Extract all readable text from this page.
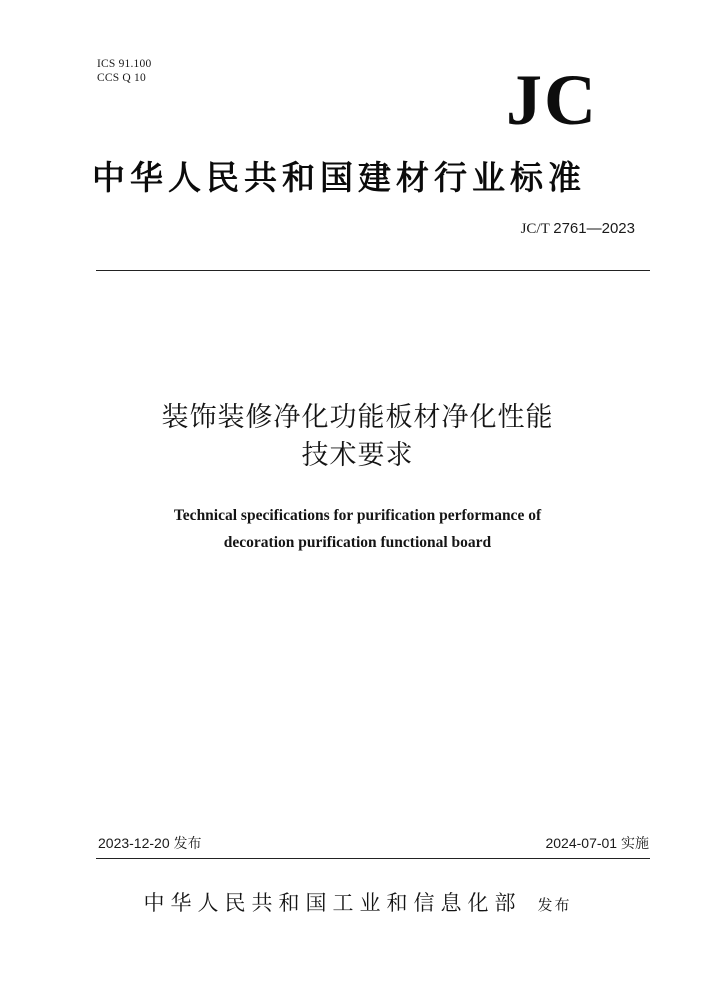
ICS 91.100
CCS Q 10	JC
中华人民共和国建材行业标准
JC/T 2761—2023
装饰装修净化功能板材净化性能
技术要求
Technical specifications for purification performance of
decoration purification functional board
2023-12-20 发布	2024-07-01 实施
中华人民共和国工业和信息化部 发布
